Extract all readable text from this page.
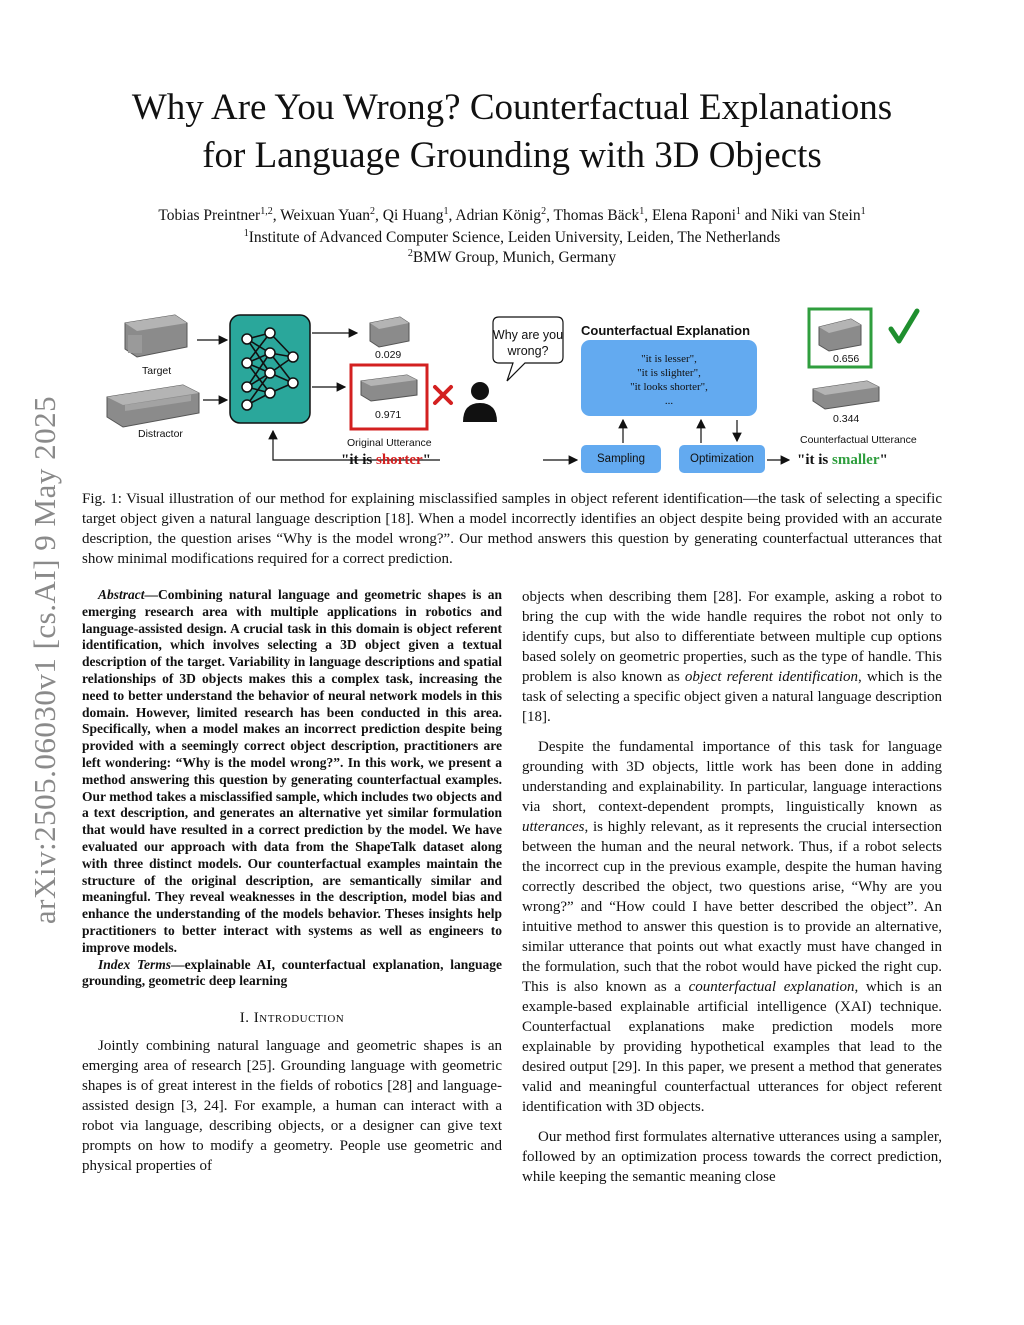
arXiv:2505.06030v1 [cs.AI] 9 May 2025
Why Are You Wrong? Counterfactual Explanations
for Language Grounding with 3D Objects
Tobias Preintner$^{1,2}$, Weixuan Yuan$^2$, Qi Huang$^1$, Adrian König$^2$, Thomas Bäck$^1$, Elena Raponi$^1$ and Niki van Stein$^1$
$^1$Institute of Advanced Computer Science, Leiden University, Leiden, The Netherlands
$^2$BMW Group, Munich, Germany
Target
Distractor
0.029
0.971
Original Utterance
"it is shorter"
Why are you wrong?
Counterfactual Explanation
"it is lesser",
"it is slighter",
"it looks shorter",
...
Sampling	Optimization
0.656
0.344
Counterfactual Utterance
"it is smaller"
Fig. 1: Visual illustration of our method for explaining misclassified samples in object referent identification—the task of selecting a specific target object given a natural language description [18]. When a model incorrectly identifies an object despite being provided with an accurate description, the question arises “Why is the model wrong?”. Our method answers this question by generating counterfactual utterances that show minimal modifications required for a correct prediction.

Abstract—Combining natural language and geometric shapes is an emerging research area with multiple applications in robotics and language-assisted design. A crucial task in this domain is object referent identification, which involves selecting a 3D object given a textual description of the target. Variability in language descriptions and spatial relationships of 3D objects makes this a complex task, increasing the need to better understand the behavior of neural network models in this domain. However, limited research has been conducted in this area. Specifically, when a model makes an incorrect prediction despite being provided with a seemingly correct object description, practitioners are left wondering: “Why is the model wrong?”. In this work, we present a method answering this question by generating counterfactual examples. Our method takes a misclassified sample, which includes two objects and a text description, and generates an alternative yet similar formulation that would have resulted in a correct prediction by the model. We have evaluated our approach with data from the ShapeTalk dataset along with three distinct models. Our counterfactual examples maintain the structure of the original description, are semantically similar and meaningful. They reveal weaknesses in the description, model bias and enhance the understanding of the models behavior. Theses insights help practitioners to better interact with systems as well as engineers to improve models.

Index Terms—explainable AI, counterfactual explanation, language grounding, geometric deep learning

I. Introduction

Jointly combining natural language and geometric shapes is an emerging area of research [25]. Grounding language with geometric shapes is of great interest in the fields of robotics [28] and language-assisted design [3, 24]. For example, a human can interact with a robot via language, describing objects, or a designer can give text prompts on how to modify a geometry. People use geometric and physical properties of

objects when describing them [28]. For example, asking a robot to bring the cup with the wide handle requires the robot not only to identify cups, but also to differentiate between multiple cup options based solely on geometric properties, such as the type of handle. This problem is also known as object referent identification, which is the task of selecting a specific object given a natural language description [18].

Despite the fundamental importance of this task for language grounding with 3D objects, little work has been done in adding understanding and explainability. In particular, language interactions via short, context-dependent prompts, linguistically known as utterances, is highly relevant, as it represents the crucial intersection between the human and the neural network. Thus, if a robot selects the incorrect cup in the previous example, despite the human having correctly described the object, two questions arise, “Why are you wrong?” and “How could I have better described the object”. An intuitive method to answer this question is to provide an alternative, similar utterance that points out what exactly must have changed in the formulation, such that the robot would have picked the right cup. This is also known as a counterfactual explanation, which is an example-based explainable artificial intelligence (XAI) technique. Counterfactual explanations make prediction models more explainable by providing hypothetical examples that lead to the desired output [29]. In this paper, we present a method that generates valid and meaningful counterfactual utterances for object referent identification with 3D objects.

Our method first formulates alternative utterances using a sampler, followed by an optimization process towards the correct prediction, while keeping the semantic meaning close
